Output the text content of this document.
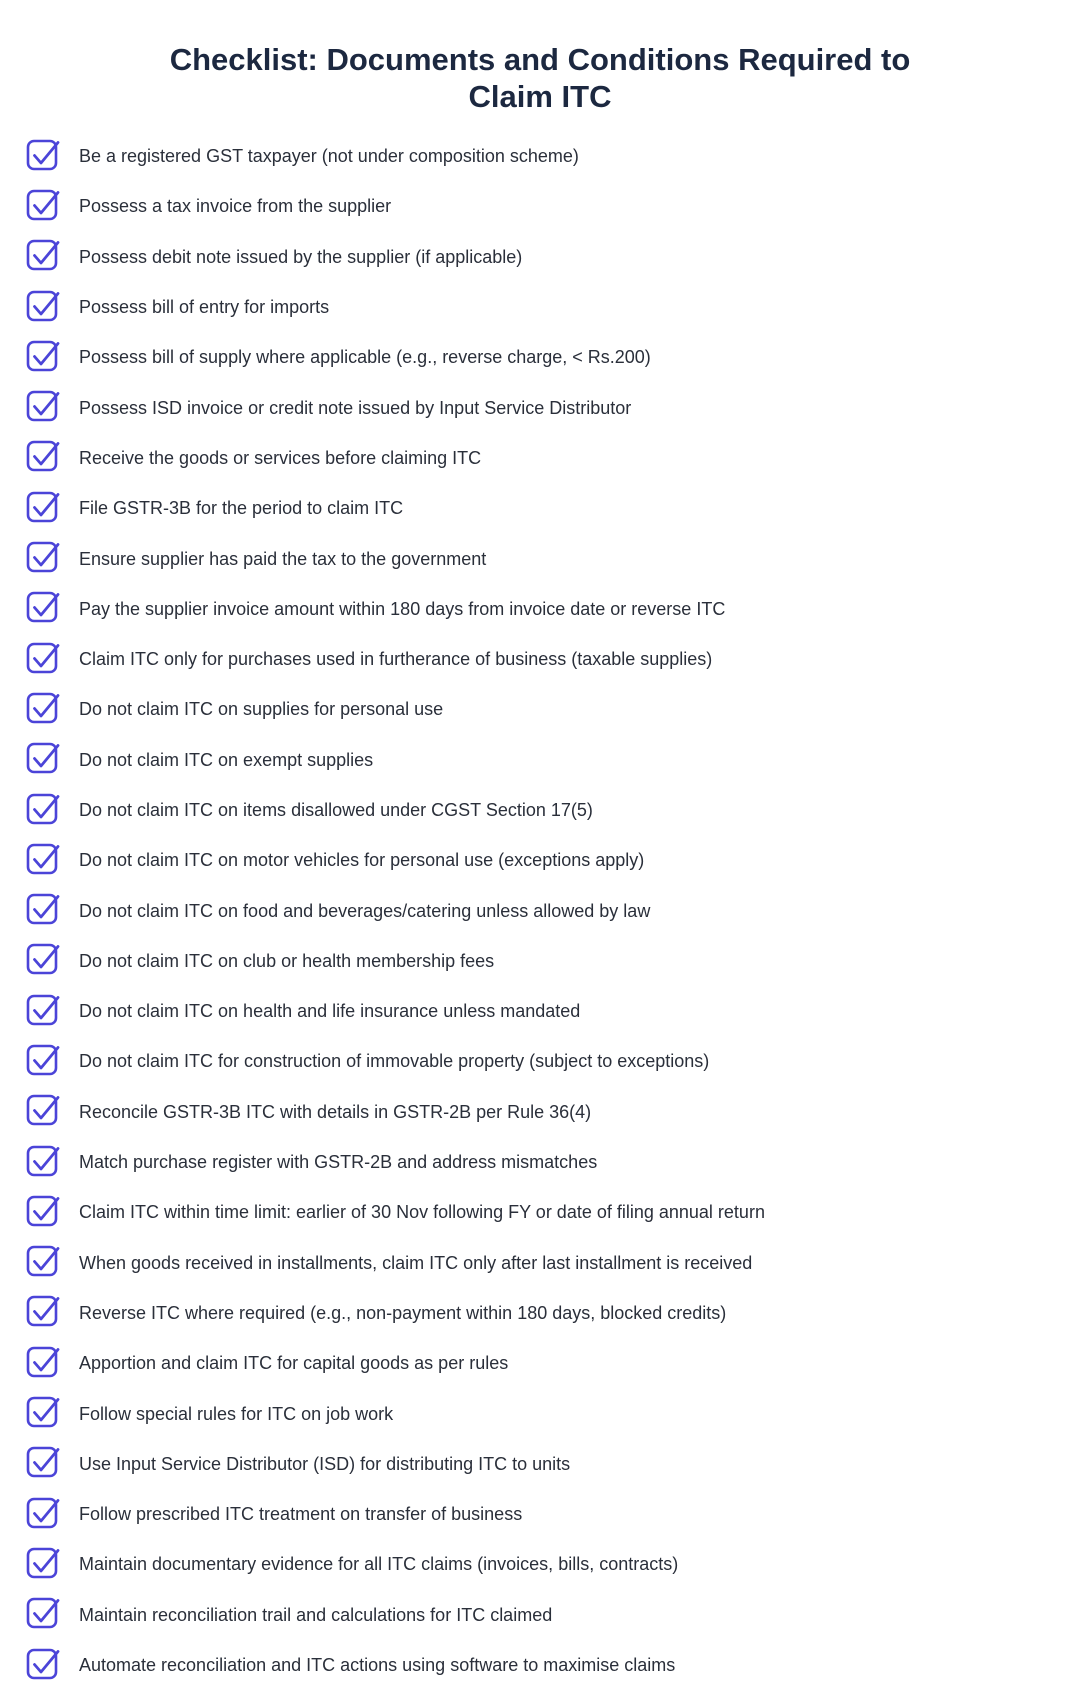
Checklist: Documents and Conditions Required to
Claim ITC
Be a registered GST taxpayer (not under composition scheme)
Possess a tax invoice from the supplier
Possess debit note issued by the supplier (if applicable)
Possess bill of entry for imports
Possess bill of supply where applicable (e.g., reverse charge, < Rs.200)
Possess ISD invoice or credit note issued by Input Service Distributor
Receive the goods or services before claiming ITC
File GSTR-3B for the period to claim ITC
Ensure supplier has paid the tax to the government
Pay the supplier invoice amount within 180 days from invoice date or reverse ITC
Claim ITC only for purchases used in furtherance of business (taxable supplies)
Do not claim ITC on supplies for personal use
Do not claim ITC on exempt supplies
Do not claim ITC on items disallowed under CGST Section 17(5)
Do not claim ITC on motor vehicles for personal use (exceptions apply)
Do not claim ITC on food and beverages/catering unless allowed by law
Do not claim ITC on club or health membership fees
Do not claim ITC on health and life insurance unless mandated
Do not claim ITC for construction of immovable property (subject to exceptions)
Reconcile GSTR-3B ITC with details in GSTR-2B per Rule 36(4)
Match purchase register with GSTR-2B and address mismatches
Claim ITC within time limit: earlier of 30 Nov following FY or date of filing annual return
When goods received in installments, claim ITC only after last installment is received
Reverse ITC where required (e.g., non-payment within 180 days, blocked credits)
Apportion and claim ITC for capital goods as per rules
Follow special rules for ITC on job work
Use Input Service Distributor (ISD) for distributing ITC to units
Follow prescribed ITC treatment on transfer of business
Maintain documentary evidence for all ITC claims (invoices, bills, contracts)
Maintain reconciliation trail and calculations for ITC claimed
Automate reconciliation and ITC actions using software to maximise claims
